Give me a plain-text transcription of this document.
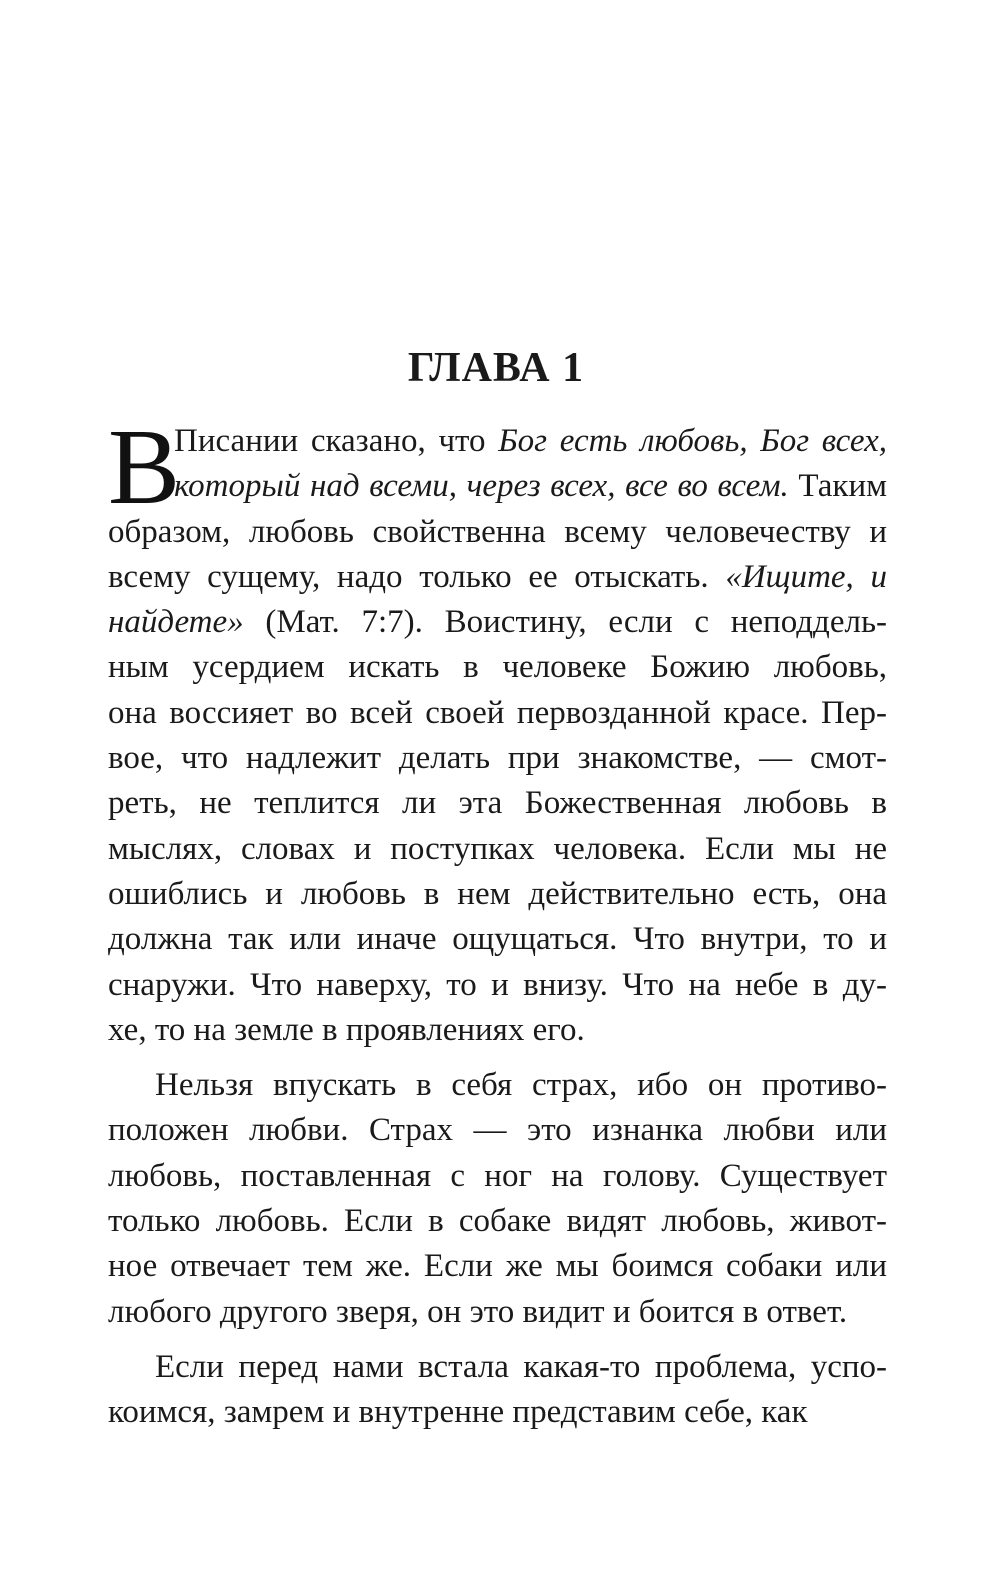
ГЛАВА 1
В
Писании сказано, что Бог есть любовь, Бог всех,
который над всеми, через всех, все во всем. Таким
образом, любовь свойственна всему человечеству и
всему сущему, надо только ее отыскать. «Ищите, и
найдете» (Мат. 7:7). Воистину, если с неподдель-
ным усердием искать в человеке Божию любовь,
она воссияет во всей своей первозданной красе. Пер-
вое, что надлежит делать при знакомстве, — смот-
реть, не теплится ли эта Божественная любовь в
мыслях, словах и поступках человека. Если мы не
ошиблись и любовь в нем действительно есть, она
должна так или иначе ощущаться. Что внутри, то и
снаружи. Что наверху, то и внизу. Что на небе в ду-
хе, то на земле в проявлениях его.
Нельзя впускать в себя страх, ибо он противо-
положен любви. Страх — это изнанка любви или
любовь, поставленная с ног на голову. Существует
только любовь. Если в собаке видят любовь, живот-
ное отвечает тем же. Если же мы боимся собаки или
любого другого зверя, он это видит и боится в ответ.
Если перед нами встала какая-то проблема, успо-
коимся, замрем и внутренне представим себе, как
